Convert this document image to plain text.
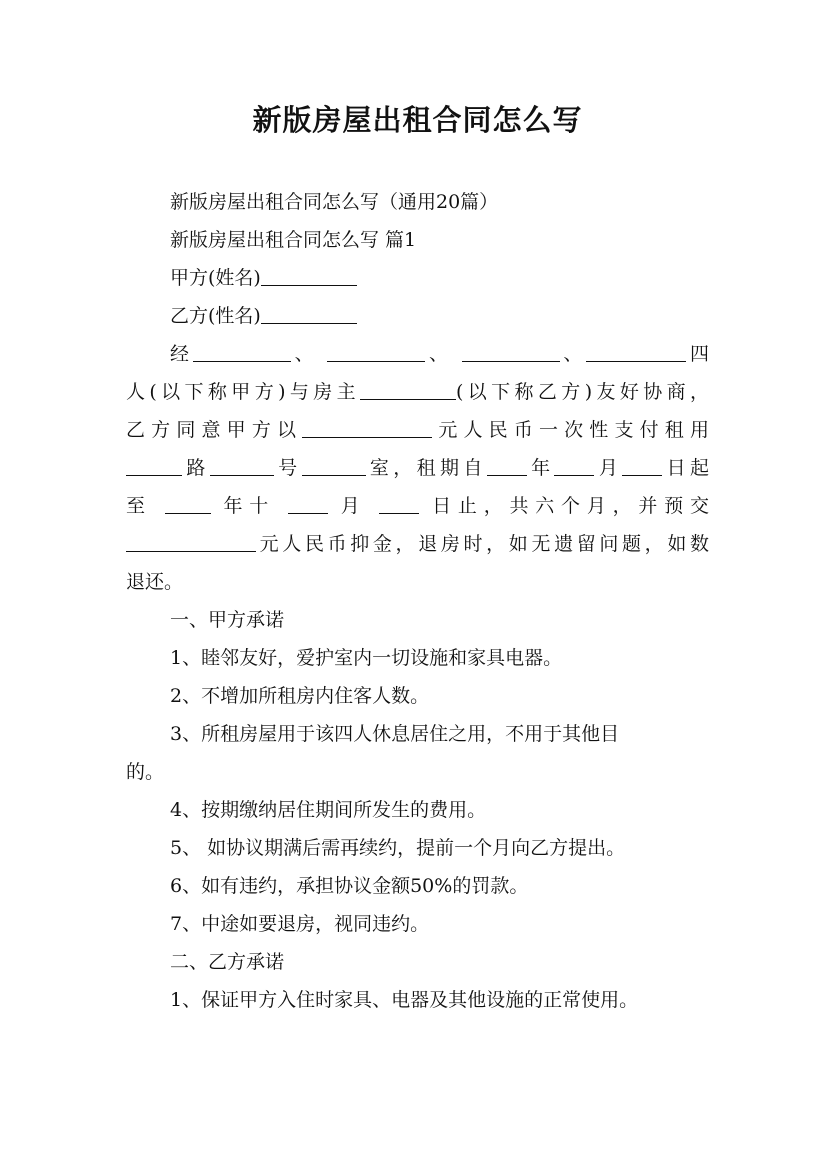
新版房屋出租合同怎么写

新版房屋出租合同怎么写（通用20篇）

新版房屋出租合同怎么写 篇1

甲方(姓名)

乙方(性名)

经	、	、	、	四

人(以下称甲方)与房主	(以下称乙方)友好协商，

乙方同意甲方以	元人民币一次性支付租用

路	号	室，租期自 年 月 日起

至	年十	月	日止，共六个月，并预交

元人民币抑金，退房时，如无遗留问题，如数

退还。

一、甲方承诺

1、睦邻友好，爱护室内一切设施和家具电器。

2、不增加所租房内住客人数。

3、所租房屋用于该四人休息居住之用，不用于其他目

的。

4、按期缴纳居住期间所发生的费用。

5、 如协议期满后需再续约，提前一个月向乙方提出。

6、如有违约，承担协议金额50%的罚款。

7、中途如要退房，视同违约。

二、乙方承诺

1、保证甲方入住时家具、电器及其他设施的正常使用。
